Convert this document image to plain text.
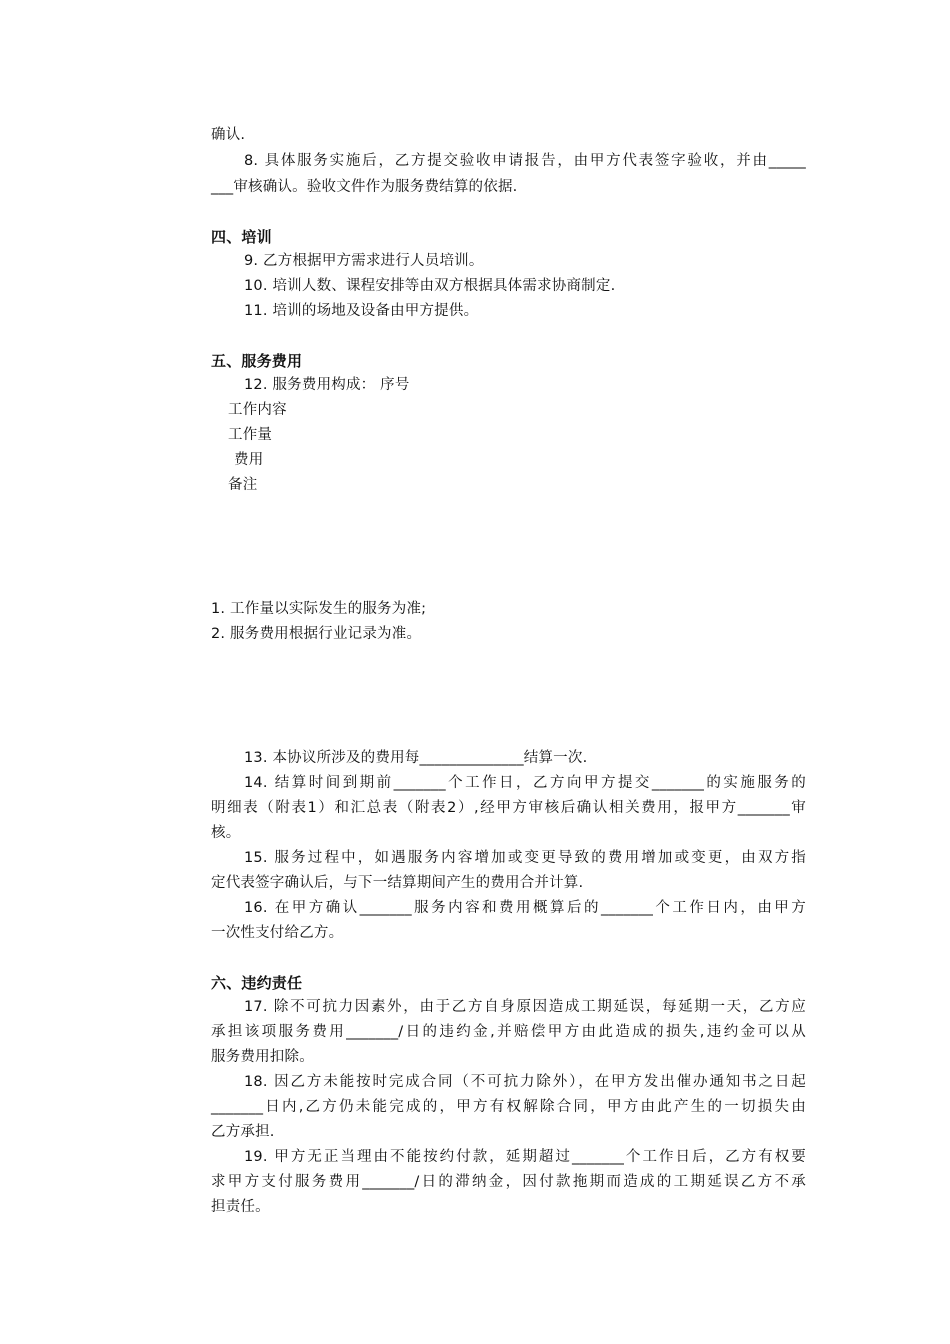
确认.
8. 具体服务实施后，乙方提交验收申请报告，由甲方代表签字验收，并由_____
___审核确认。验收文件作为服务费结算的依据.
四、培训
9. 乙方根据甲方需求进行人员培训。
10. 培训人数、课程安排等由双方根据具体需求协商制定.
11. 培训的场地及设备由甲方提供。
五、服务费用
12. 服务费用构成： 序号
工作内容
工作量
费用
备注
1. 工作量以实际发生的服务为准;
2. 服务费用根据行业记录为准。
13. 本协议所涉及的费用每______________结算一次.
14. 结算时间到期前_______个工作日，乙方向甲方提交_______的实施服务的
明细表（附表1）和汇总表（附表2）,经甲方审核后确认相关费用，报甲方_______审
核。
15. 服务过程中，如遇服务内容增加或变更导致的费用增加或变更，由双方指
定代表签字确认后，与下一结算期间产生的费用合并计算.
16. 在甲方确认_______服务内容和费用概算后的_______个工作日内，由甲方
一次性支付给乙方。
六、违约责任
17. 除不可抗力因素外，由于乙方自身原因造成工期延误，每延期一天，乙方应
承担该项服务费用_______/日的违约金,并赔偿甲方由此造成的损失,违约金可以从
服务费用扣除。
18. 因乙方未能按时完成合同（不可抗力除外），在甲方发出催办通知书之日起
_______日内,乙方仍未能完成的，甲方有权解除合同，甲方由此产生的一切损失由
乙方承担.
19. 甲方无正当理由不能按约付款，延期超过_______个工作日后，乙方有权要
求甲方支付服务费用_______/日的滞纳金，因付款拖期而造成的工期延误乙方不承
担责任。
